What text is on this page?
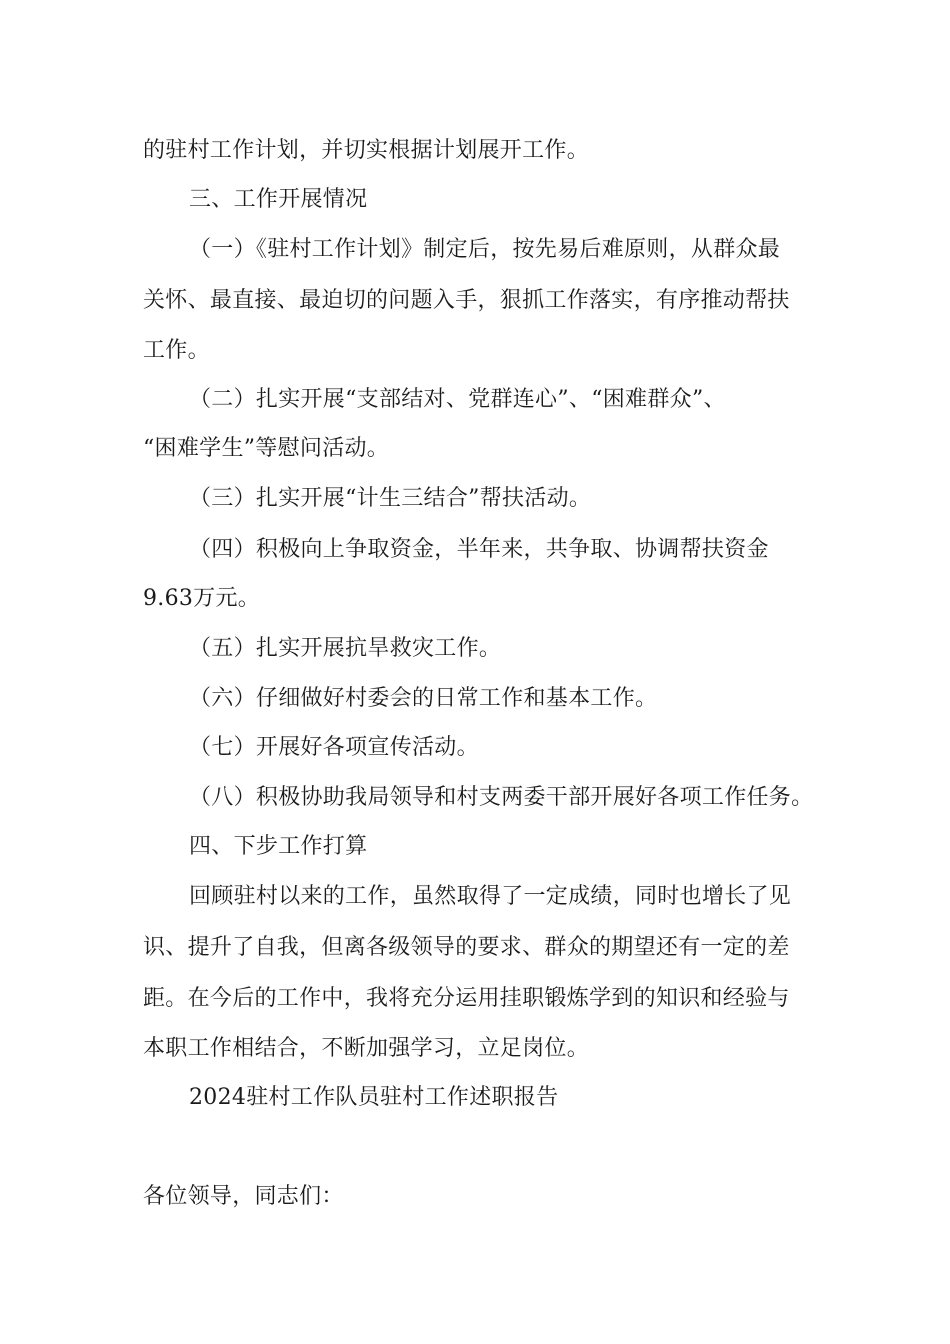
的驻村工作计划，并切实根据计划展开工作。
三、工作开展情况
（一）《驻村工作计划》制定后，按先易后难原则，从群众最
关怀、最直接、最迫切的问题入手，狠抓工作落实，有序推动帮扶
工作。
（二）扎实开展“支部结对、党群连心”、“困难群众”、
“困难学生”等慰问活动。
（三）扎实开展“计生三结合”帮扶活动。
（四）积极向上争取资金，半年来，共争取、协调帮扶资金
9.63万元。
（五）扎实开展抗旱救灾工作。
（六）仔细做好村委会的日常工作和基本工作。
（七）开展好各项宣传活动。
（八）积极协助我局领导和村支两委干部开展好各项工作任务。
四、下步工作打算
回顾驻村以来的工作，虽然取得了一定成绩，同时也增长了见
识、提升了自我，但离各级领导的要求、群众的期望还有一定的差
距。在今后的工作中，我将充分运用挂职锻炼学到的知识和经验与
本职工作相结合，不断加强学习，立足岗位。
2024驻村工作队员驻村工作述职报告
各位领导，同志们：
